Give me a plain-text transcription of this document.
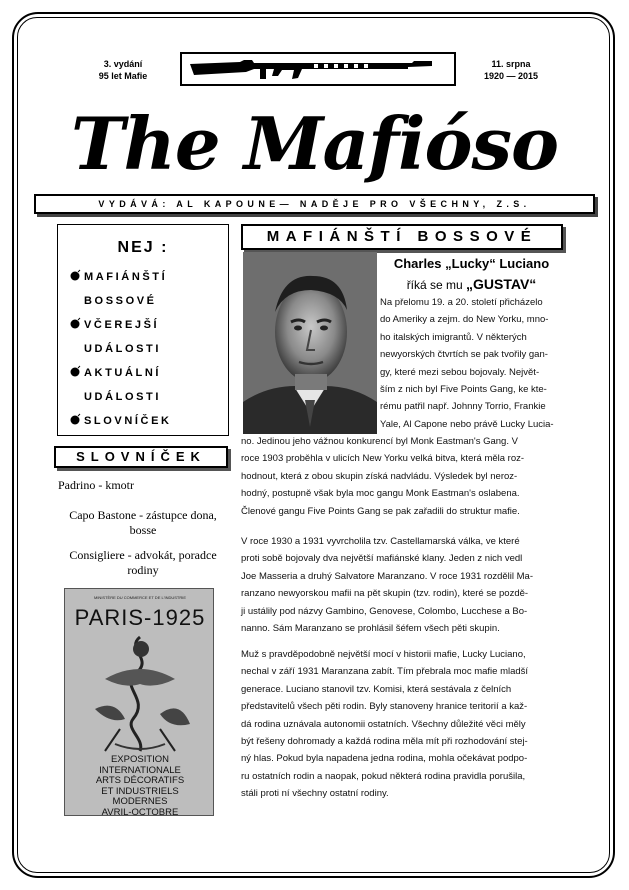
3. vydání
95 let Mafie
11. srpna
1920 — 2015
The Mafióso
VYDÁVÁ: AL KAPOUNE— NADĚJE PRO VŠECHNY, Z.S.
NEJ :
MAFIÁNŠTÍ
BOSSOVÉ
VČEREJŠÍ
UDÁLOSTI
AKTUÁLNÍ
UDÁLOSTI
SLOVNÍČEK
SLOVNÍČEK
Padrino - kmotr
Capo Bastone - zástupce dona, bosse
Consigliere - advokát, poradce rodiny
MINISTÈRE DU COMMERCE ET DE L'INDUSTRIE
PARIS-1925
EXPOSITION
INTERNATIONALE
ARTS DÉCORATIFS
ET INDUSTRIELS
MODERNES
AVRIL-OCTOBRE
MAFIÁNŠTÍ BOSSOVÉ
Charles „Lucky“ Luciano
říká se mu „GUSTAV“
Na přelomu 19. a 20. století přicházelo
do Ameriky a zejm. do New Yorku, mno-
ho italských imigrantů. V některých
newyorských čtvrtích se pak tvořily gan-
gy, které mezi sebou bojovaly. Největ-
ším z nich byl Five Points Gang, ke kte-
rému patřil např. Johnny Torrio, Frankie
Yale, Al Capone nebo právě Lucky Lucia-
no. Jedinou jeho vážnou konkurencí byl Monk Eastman's Gang. V
roce 1903 proběhla v ulicích New Yorku velká bitva, která měla roz-
hodnout, která z obou skupin získá nadvládu. Výsledek byl neroz-
hodný, postupně však byla moc gangu Monk Eastman's oslabena.
Členové gangu Five Points Gang se pak zařadili do struktur mafie.
V roce 1930 a 1931 vyvrcholila tzv. Castellamarská válka, ve které
proti sobě bojovaly dva největší mafiánské klany. Jeden z nich vedl
Joe Masseria a druhý Salvatore Maranzano. V roce 1931 rozdělil Ma-
ranzano newyorskou mafii na pět skupin (tzv. rodin), které se pozdě-
ji ustálily pod názvy Gambino, Genovese, Colombo, Lucchese a Bo-
nanno. Sám Maranzano se prohlásil šéfem všech pěti skupin.
Muž s pravděpodobně největší mocí v historii mafie, Lucky Luciano,
nechal v září 1931 Maranzana zabít. Tím přebrala moc mafie mladší
generace. Luciano stanovil tzv. Komisi, která sestávala z čelních
představitelů všech pěti rodin. Byly stanoveny hranice teritorií a kaž-
dá rodina uznávala autonomii ostatních. Všechny důležité věci měly
být řešeny dohromady a každá rodina měla mít při rozhodování stej-
ný hlas. Pokud byla napadena jedna rodina, mohla očekávat podpo-
ru ostatních rodin a naopak, pokud některá rodina pravidla porušila,
stáli proti ní všechny ostatní rodiny.
